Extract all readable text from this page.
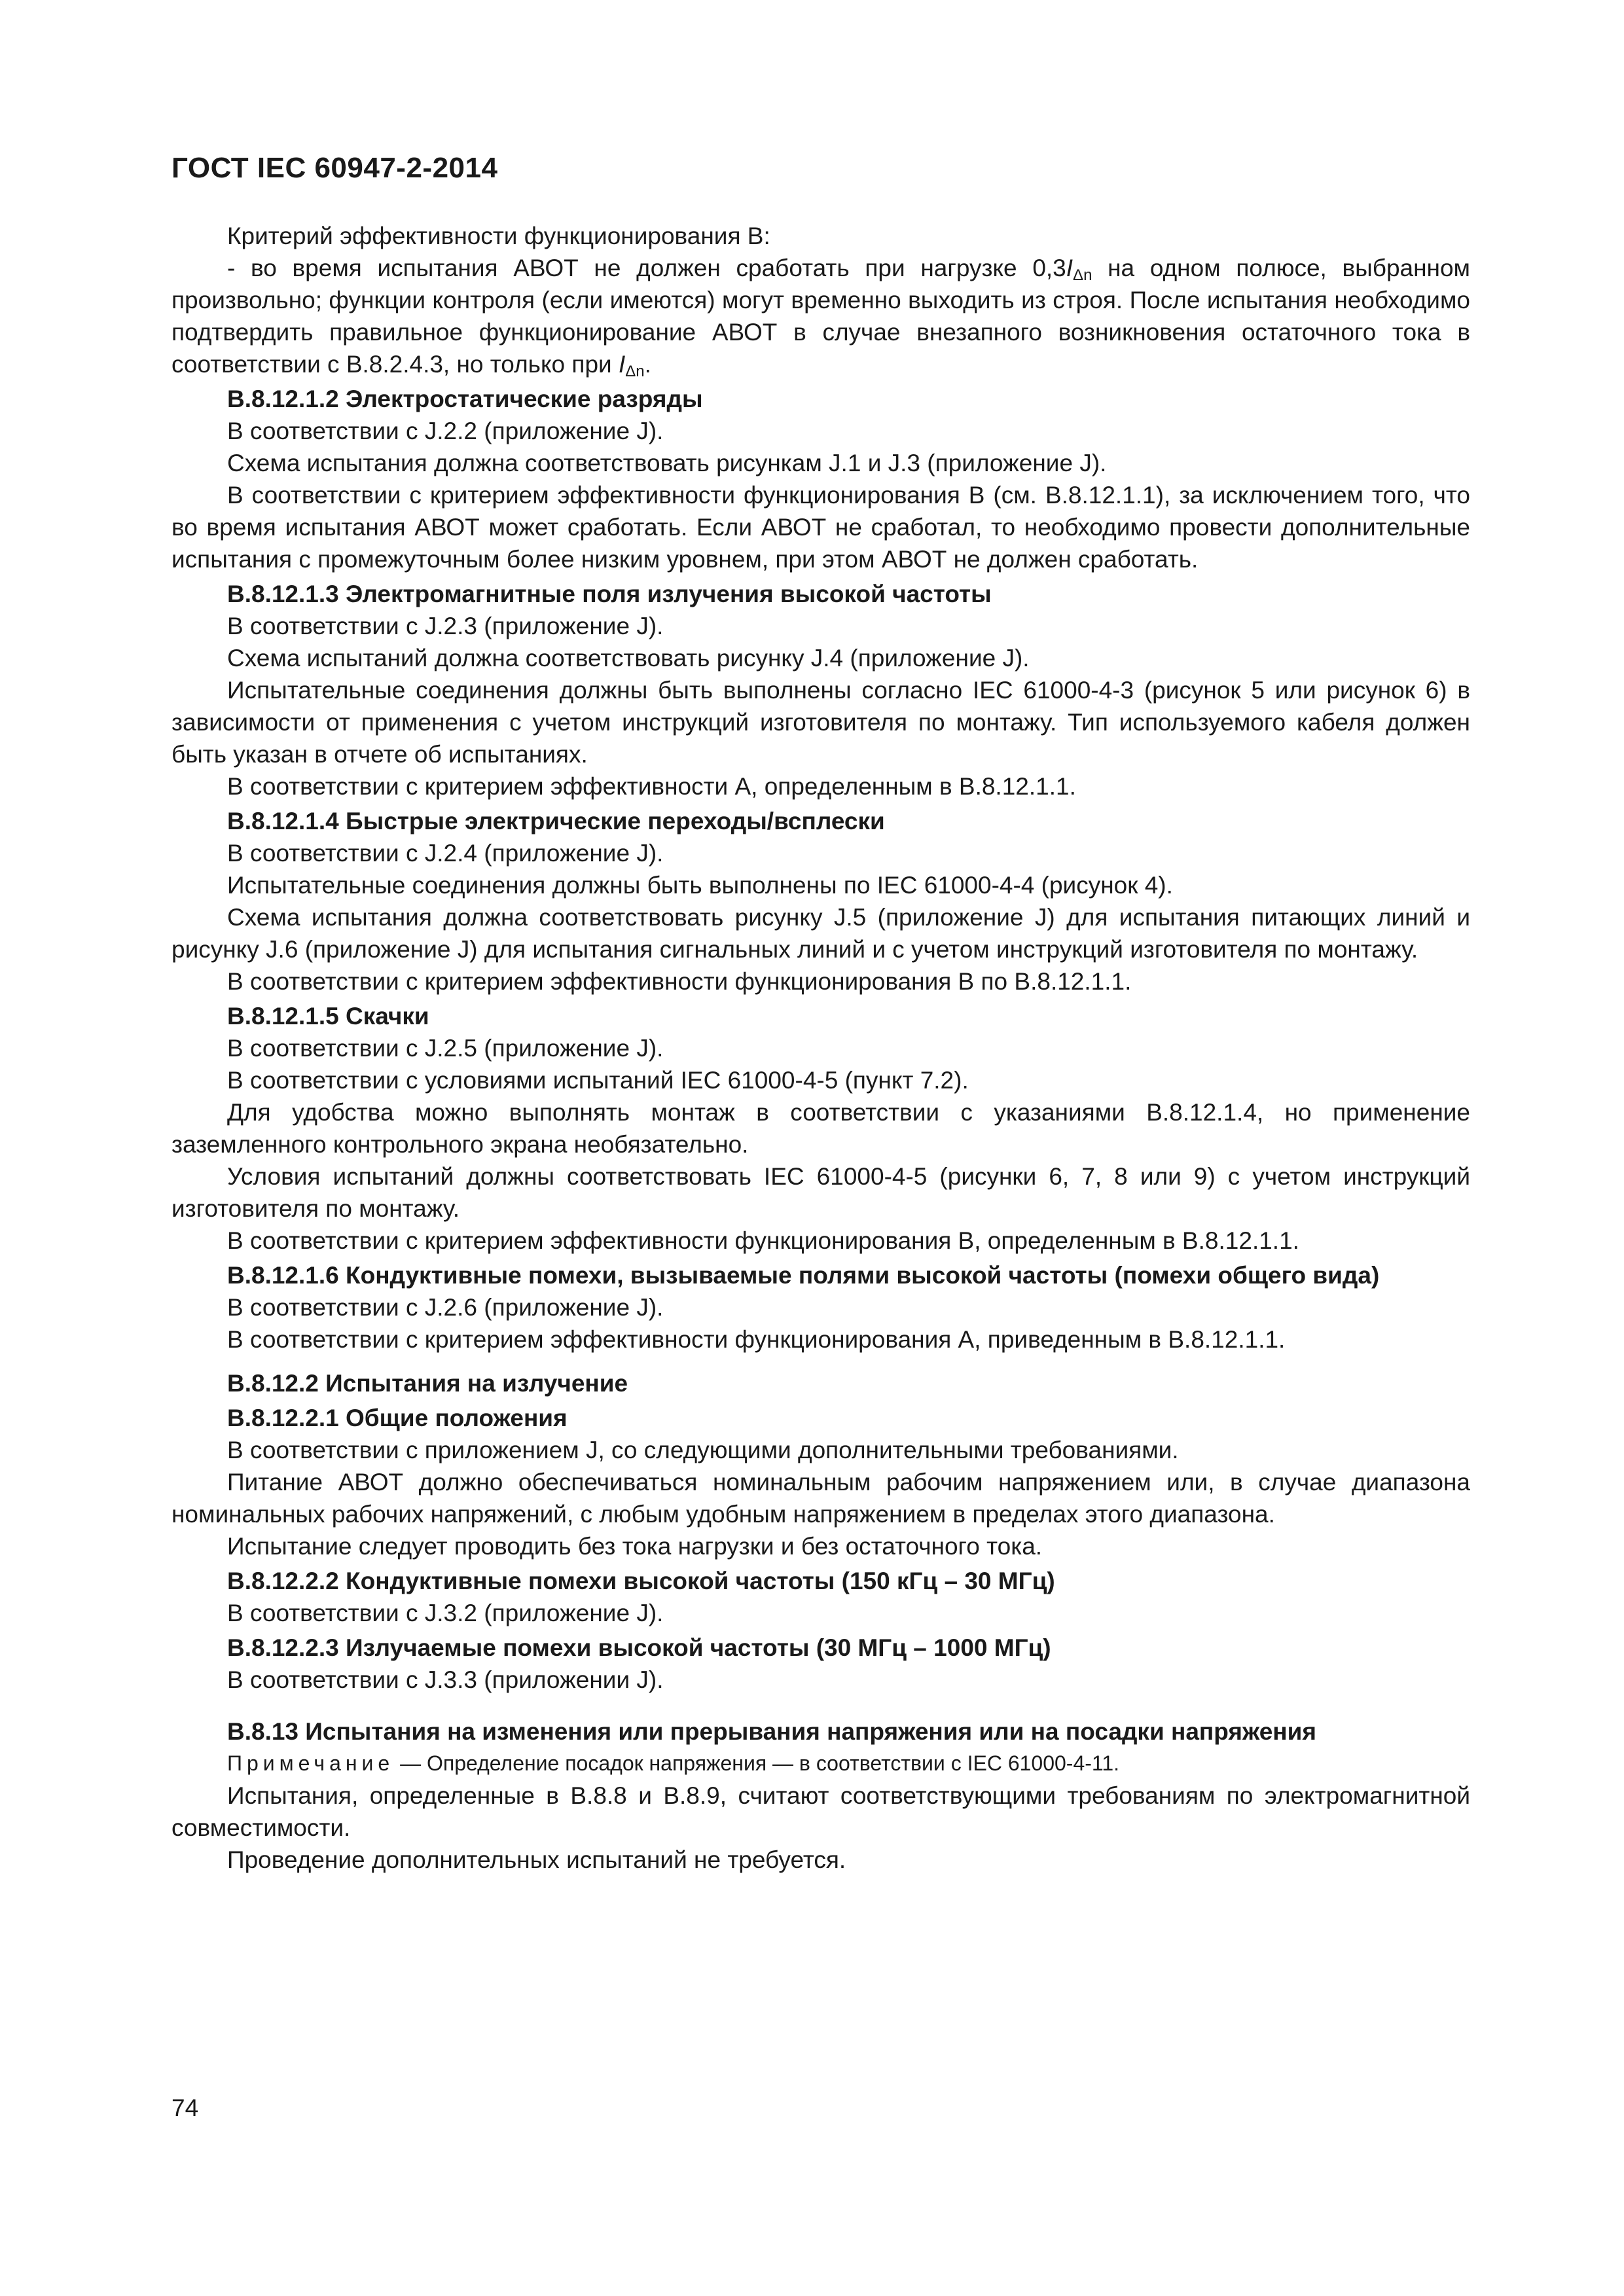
ГОСТ IEC 60947-2-2014

Критерий эффективности функционирования В:

- во время испытания АВОТ не должен сработать при нагрузке $0,3I_{\Delta n}$ на одном полюсе, выбранном произвольно; функции контроля (если имеются) могут временно выходить из строя. После испытания необходимо подтвердить правильное функционирование АВОТ в случае внезапного возникновения остаточного тока в соответствии с B.8.2.4.3, но только при $I_{\Delta n}$.

B.8.12.1.2 Электростатические разряды

В соответствии с J.2.2 (приложение J).

Схема испытания должна соответствовать рисункам J.1 и J.3 (приложение J).

В соответствии с критерием эффективности функционирования В (см. B.8.12.1.1), за исключением того, что во время испытания АВОТ может сработать. Если АВОТ не сработал, то необходимо провести дополнительные испытания с промежуточным более низким уровнем, при этом АВОТ не должен сработать.

B.8.12.1.3 Электромагнитные поля излучения высокой частоты

В соответствии с J.2.3 (приложение J).

Схема испытаний должна соответствовать рисунку J.4 (приложение J).

Испытательные соединения должны быть выполнены согласно IEC 61000-4-3 (рисунок 5 или рисунок 6) в зависимости от применения с учетом инструкций изготовителя по монтажу. Тип используемого кабеля должен быть указан в отчете об испытаниях.

В соответствии с критерием эффективности А, определенным в B.8.12.1.1.

B.8.12.1.4 Быстрые электрические переходы/всплески

В соответствии с J.2.4 (приложение J).

Испытательные соединения должны быть выполнены по IEC 61000-4-4 (рисунок 4).

Схема испытания должна соответствовать рисунку J.5 (приложение J) для испытания питающих линий и рисунку J.6 (приложение J) для испытания сигнальных линий и с учетом инструкций изготовителя по монтажу.

В соответствии с критерием эффективности функционирования В по B.8.12.1.1.

B.8.12.1.5 Скачки

В соответствии с J.2.5 (приложение J).

В соответствии с условиями испытаний IEC 61000-4-5 (пункт 7.2).

Для удобства можно выполнять монтаж в соответствии с указаниями B.8.12.1.4, но применение заземленного контрольного экрана необязательно.

Условия испытаний должны соответствовать IEC 61000-4-5 (рисунки 6, 7, 8 или 9) с учетом инструкций изготовителя по монтажу.

В соответствии с критерием эффективности функционирования В, определенным в B.8.12.1.1.

B.8.12.1.6 Кондуктивные помехи, вызываемые полями высокой частоты (помехи общего вида)

В соответствии с J.2.6 (приложение J).

В соответствии с критерием эффективности функционирования А, приведенным в B.8.12.1.1.

B.8.12.2 Испытания на излучение

B.8.12.2.1 Общие положения

В соответствии с приложением J, со следующими дополнительными требованиями.

Питание АВОТ должно обеспечиваться номинальным рабочим напряжением или, в случае диапазона номинальных рабочих напряжений, с любым удобным напряжением в пределах этого диапазона.

Испытание следует проводить без тока нагрузки и без остаточного тока.

B.8.12.2.2 Кондуктивные помехи высокой частоты (150 кГц – 30 МГц)

В соответствии с J.3.2 (приложение J).

B.8.12.2.3 Излучаемые помехи высокой частоты (30 МГц – 1000 МГц)

В соответствии с J.3.3 (приложении J).

B.8.13 Испытания на изменения или прерывания напряжения или на посадки напряжения

Примечание — Определение посадок напряжения — в соответствии с IEC 61000-4-11.

Испытания, определенные в B.8.8 и B.8.9, считают соответствующими требованиям по электромагнитной совместимости.

Проведение дополнительных испытаний не требуется.

74
